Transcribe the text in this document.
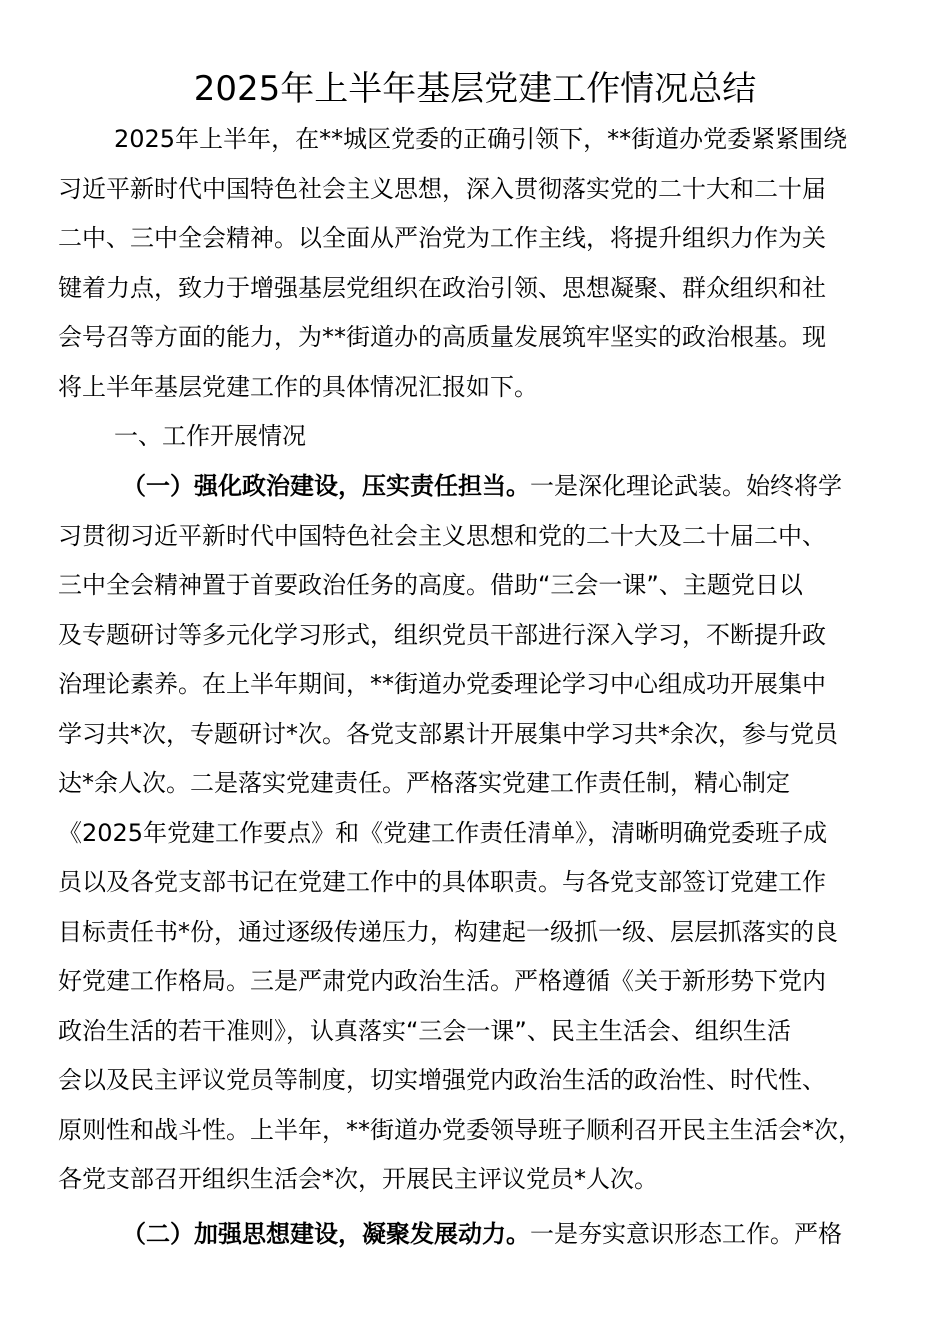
2025年上半年基层党建工作情况总结
2025年上半年，在**城区党委的正确引领下，**街道办党委紧紧围绕
习近平新时代中国特色社会主义思想，深入贯彻落实党的二十大和二十届
二中、三中全会精神。以全面从严治党为工作主线，将提升组织力作为关
键着力点，致力于增强基层党组织在政治引领、思想凝聚、群众组织和社
会号召等方面的能力，为**街道办的高质量发展筑牢坚实的政治根基。现
将上半年基层党建工作的具体情况汇报如下。
一、工作开展情况
（一）强化政治建设，压实责任担当。一是深化理论武装。始终将学
习贯彻习近平新时代中国特色社会主义思想和党的二十大及二十届二中、
三中全会精神置于首要政治任务的高度。借助“三会一课”、主题党日以
及专题研讨等多元化学习形式，组织党员干部进行深入学习，不断提升政
治理论素养。在上半年期间，**街道办党委理论学习中心组成功开展集中
学习共*次，专题研讨*次。各党支部累计开展集中学习共*余次，参与党员
达*余人次。二是落实党建责任。严格落实党建工作责任制，精心制定
《2025年党建工作要点》和《党建工作责任清单》，清晰明确党委班子成
员以及各党支部书记在党建工作中的具体职责。与各党支部签订党建工作
目标责任书*份，通过逐级传递压力，构建起一级抓一级、层层抓落实的良
好党建工作格局。三是严肃党内政治生活。严格遵循《关于新形势下党内
政治生活的若干准则》，认真落实“三会一课”、民主生活会、组织生活
会以及民主评议党员等制度，切实增强党内政治生活的政治性、时代性、
原则性和战斗性。上半年，**街道办党委领导班子顺利召开民主生活会*次，
各党支部召开组织生活会*次，开展民主评议党员*人次。
（二）加强思想建设，凝聚发展动力。一是夯实意识形态工作。严格
